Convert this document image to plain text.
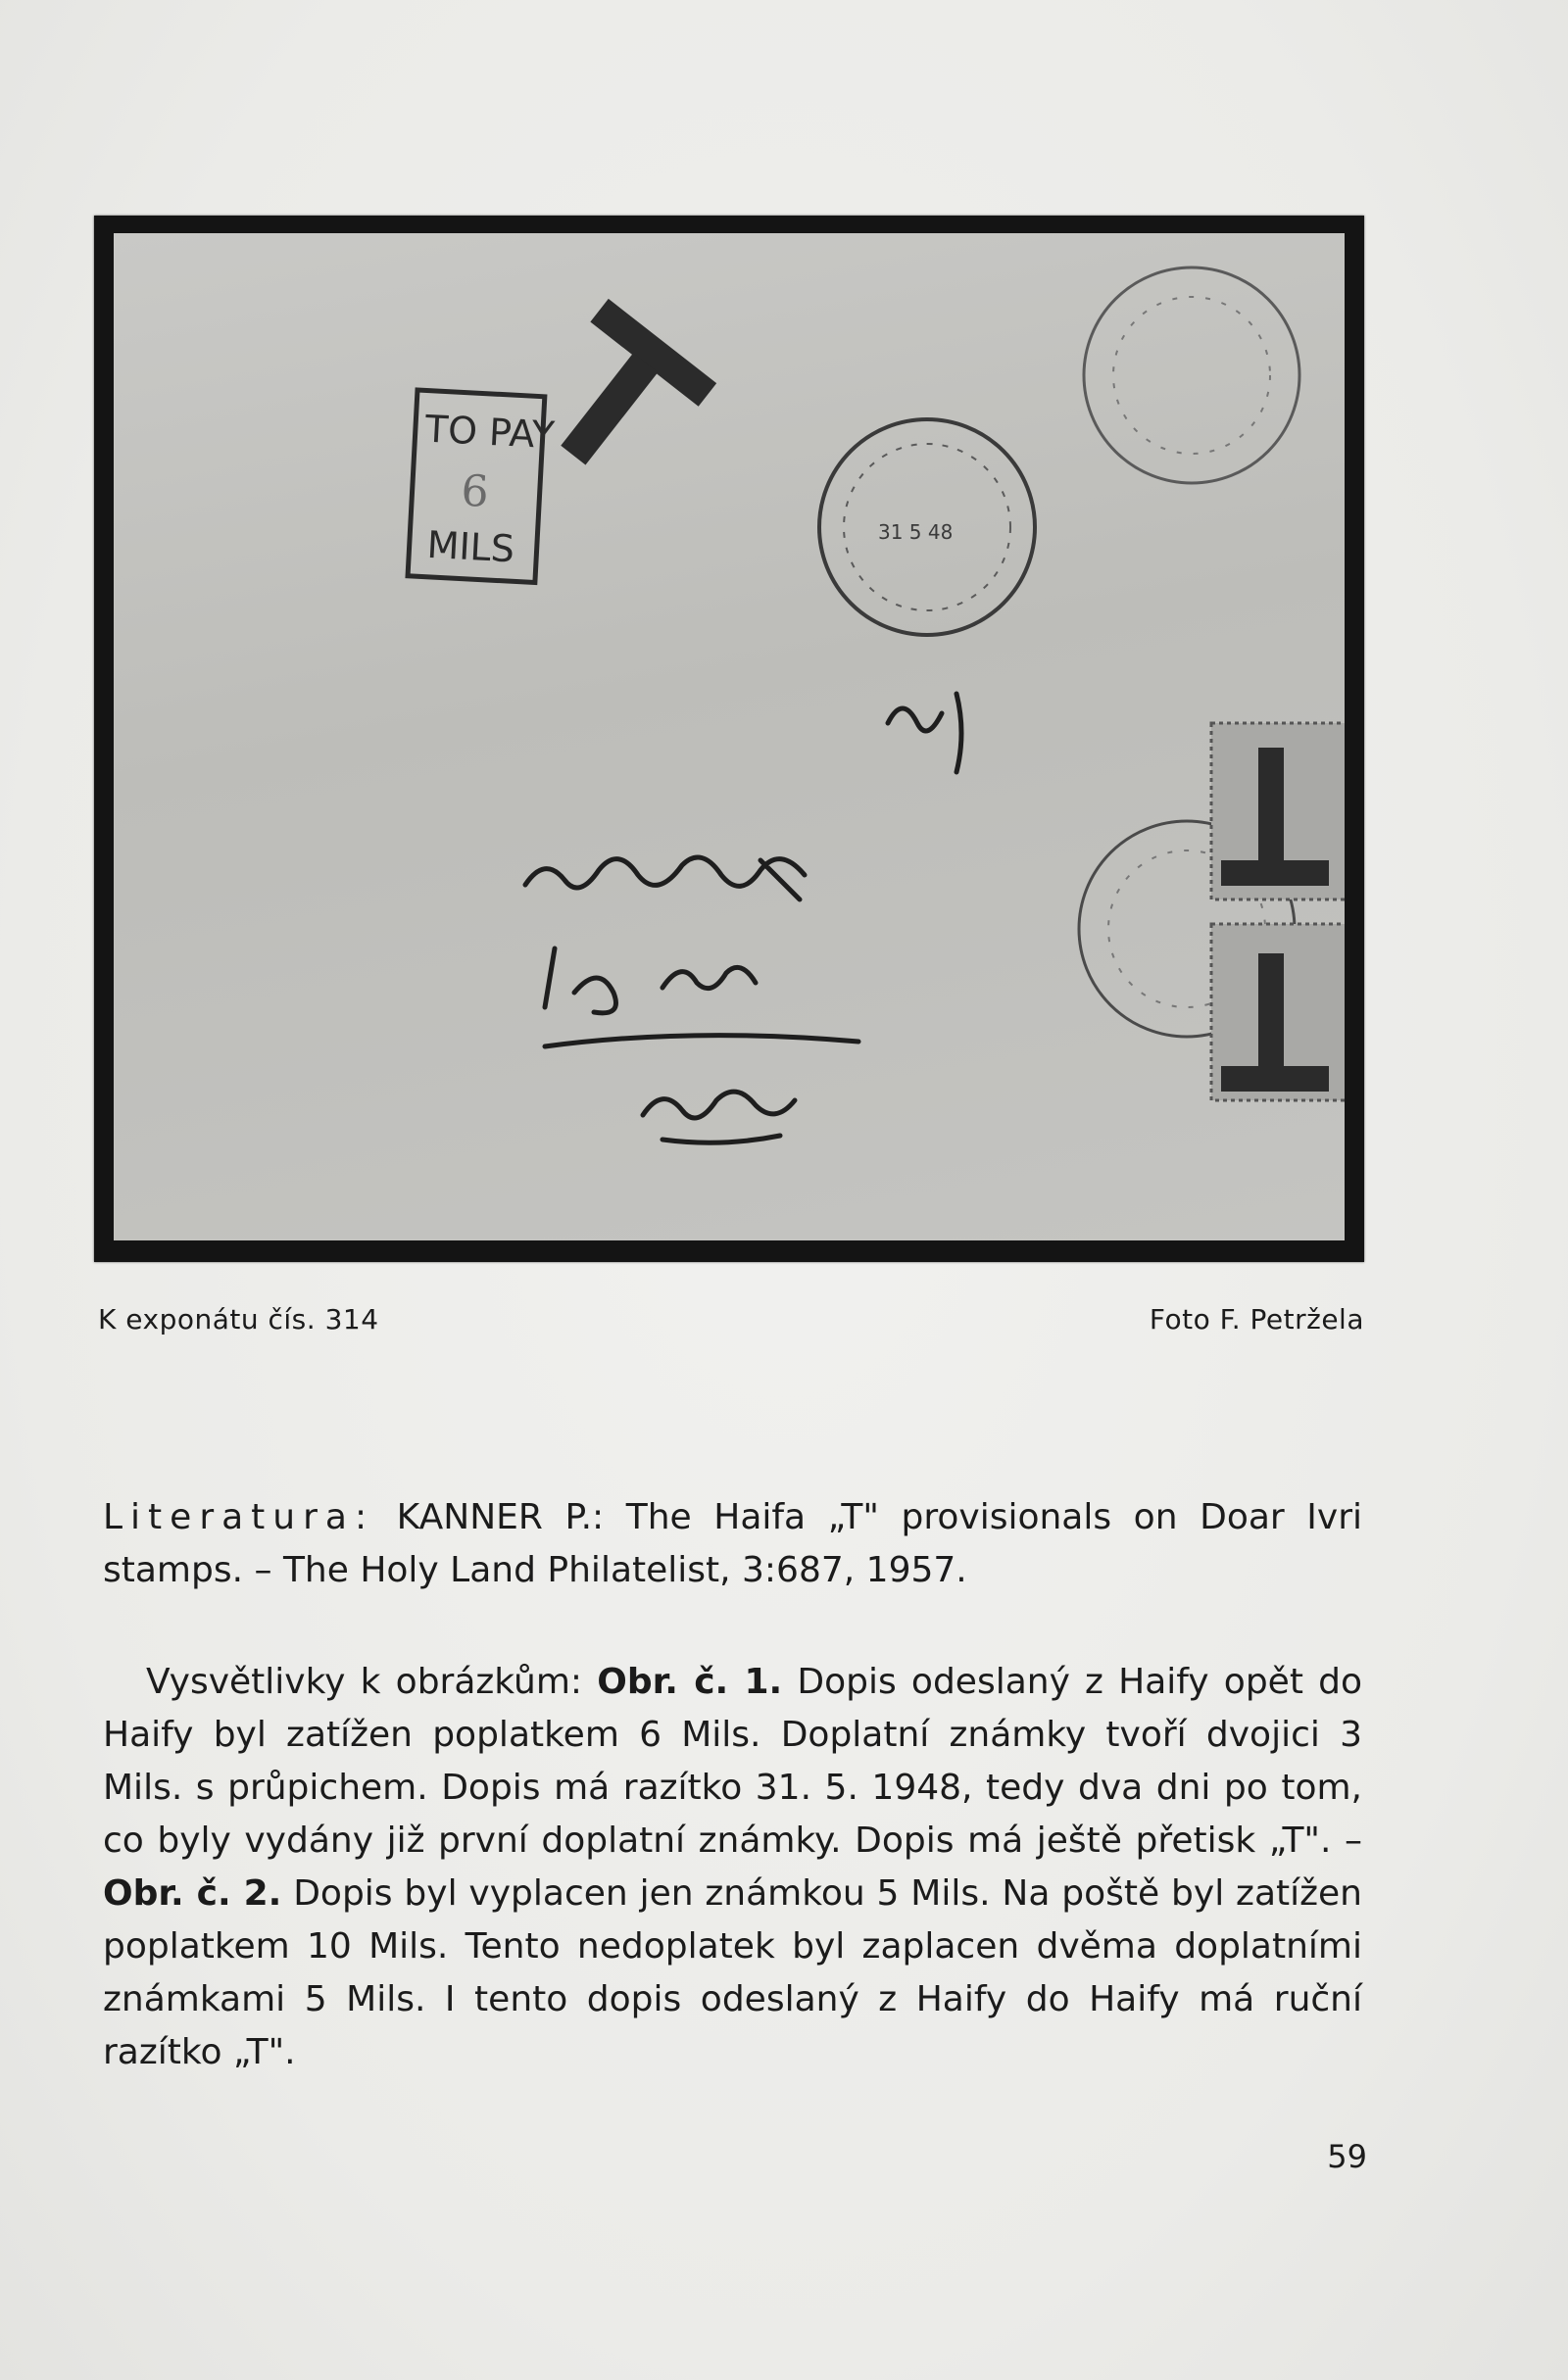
TO PAY
MILS
6
31 5 48
K exponátu čís. 314	Foto F. Petržela
Literatura: KANNER P.: The Haifa „T" provisionals on Doar Ivri stamps. – The Holy Land Philatelist, 3:687, 1957.
Vysvětlivky k obrázkům: Obr. č. 1. Dopis odeslaný z Haify opět do Haify byl zatížen poplatkem 6 Mils. Doplatní známky tvoří dvojici 3 Mils. s průpichem. Dopis má razítko 31. 5. 1948, tedy dva dni po tom, co byly vydány již první doplatní známky. Dopis má ještě přetisk „T". – Obr. č. 2. Dopis byl vyplacen jen známkou 5 Mils. Na poště byl zatížen poplatkem 10 Mils. Tento nedoplatek byl zaplacen dvěma doplatními známkami 5 Mils. I tento dopis odeslaný z Haify do Haify má ruční razítko „T".
59
